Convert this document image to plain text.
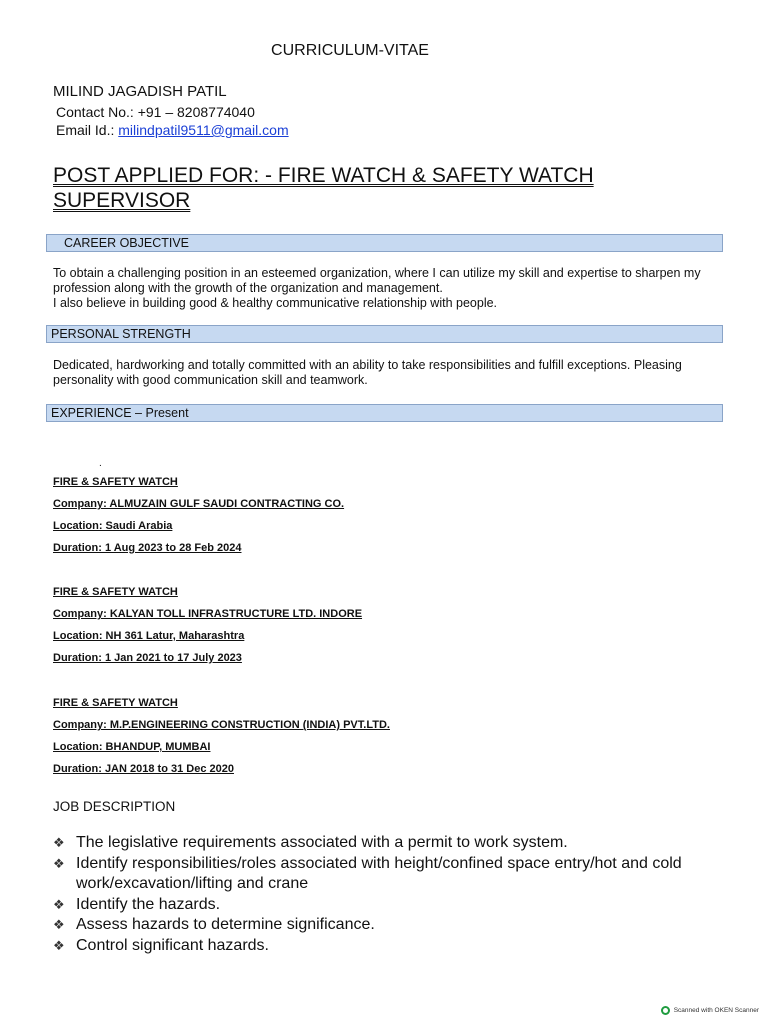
CURRICULUM-VITAE
MILIND JAGADISH PATIL
Contact No.: +91 – 8208774040
Email Id.: milindpatil9511@gmail.com
POST APPLIED FOR: - FIRE WATCH & SAFETY WATCH
SUPERVISOR
CAREER OBJECTIVE
To obtain a challenging position in an esteemed organization, where I can utilize my skill and expertise to sharpen my profession along with the growth of the organization and management.
I also believe in building good & healthy communicative relationship with people.
PERSONAL STRENGTH
Dedicated, hardworking and totally committed with an ability to take responsibilities and fulfill exceptions. Pleasing personality with good communication skill and teamwork.
EXPERIENCE – Present
.
FIRE & SAFETY WATCH
Company: ALMUZAIN GULF SAUDI CONTRACTING CO.
Location: Saudi Arabia
Duration: 1 Aug 2023 to 28 Feb 2024
FIRE & SAFETY WATCH
Company: KALYAN TOLL INFRASTRUCTURE LTD. INDORE
Location: NH 361 Latur, Maharashtra
Duration: 1 Jan 2021 to 17 July 2023
FIRE & SAFETY WATCH
Company: M.P.ENGINEERING CONSTRUCTION (INDIA) PVT.LTD.
Location: BHANDUP, MUMBAI
Duration: JAN 2018 to 31 Dec 2020
JOB DESCRIPTION
❖ The legislative requirements associated with a permit to work system.
❖ Identify responsibilities/roles associated with height/confined space entry/hot and cold work/excavation/lifting and crane
❖ Identify the hazards.
❖ Assess hazards to determine significance.
❖ Control significant hazards.
Scanned with OKEN Scanner
